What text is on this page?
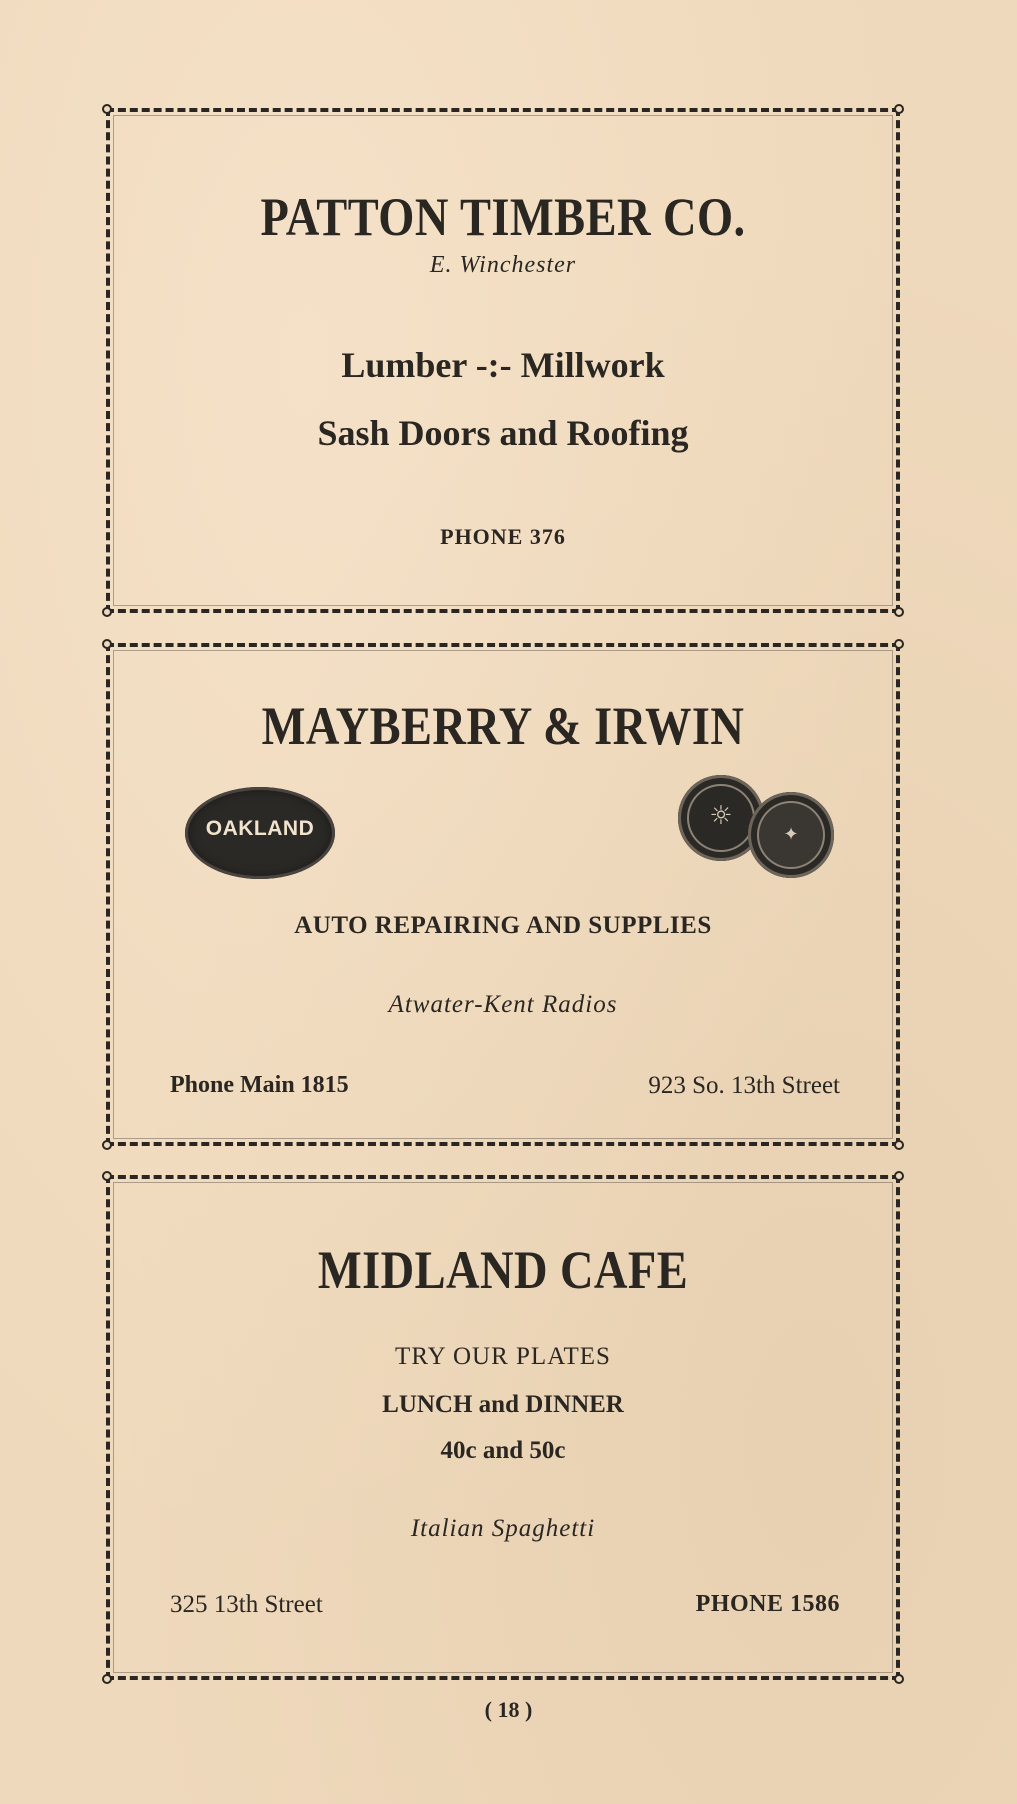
PATTON TIMBER CO.
E. Winchester
Lumber -:- Millwork
Sash Doors and Roofing
PHONE 376
MAYBERRY & IRWIN
OAKLAND	☼
✦
AUTO REPAIRING AND SUPPLIES
Atwater-Kent Radios
Phone Main 1815	923 So. 13th Street
MIDLAND CAFE
TRY OUR PLATES
LUNCH and DINNER
40c and 50c
Italian Spaghetti
325 13th Street	PHONE 1586
( 18 )
